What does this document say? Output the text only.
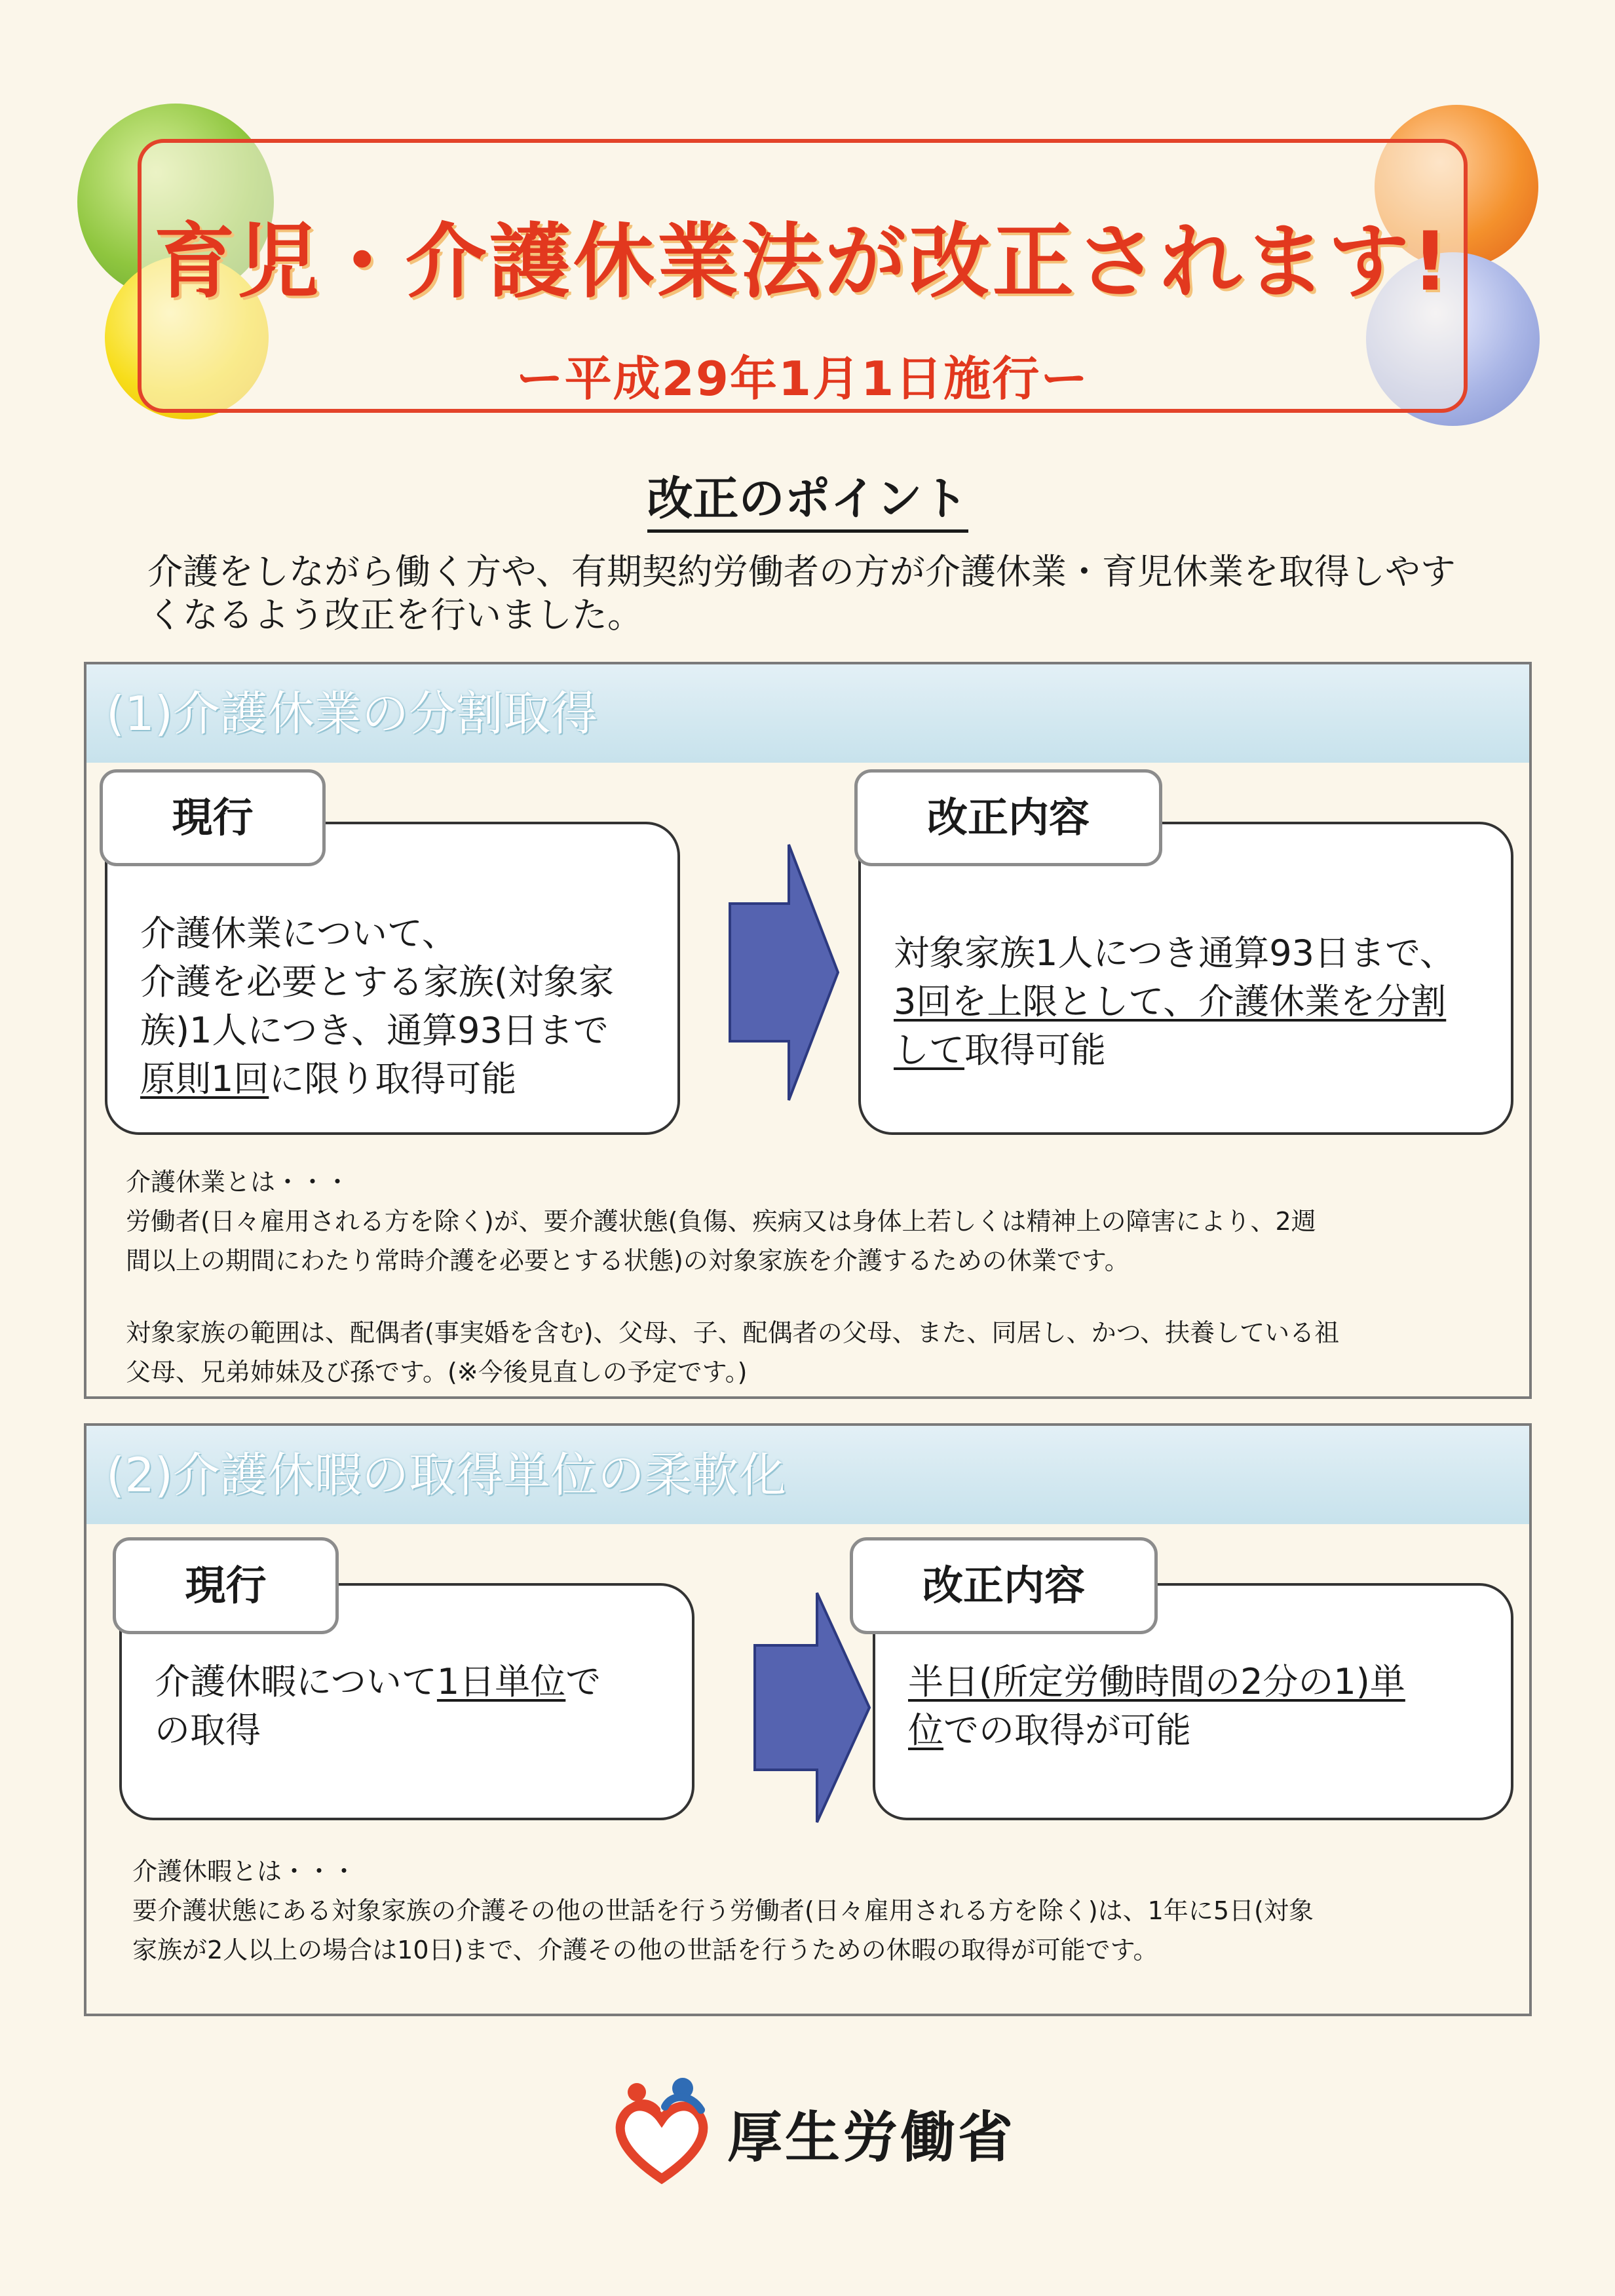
育児・介護休業法が改正されます!
ー平成29年1月1日施行ー
改正のポイント
介護をしながら働く方や、有期契約労働者の方が介護休業・育児休業を取得しやす
くなるよう改正を行いました。
(1)介護休業の分割取得
介護休業について、
介護を必要とする家族(対象家
族)1人につき、通算93日まで
原則1回に限り取得可能
現行
対象家族1人につき通算93日まで、
3回を上限として、介護休業を分割
して取得可能
改正内容
介護休業とは・・・
労働者(日々雇用される方を除く)が、要介護状態(負傷、疾病又は身体上若しくは精神上の障害により、2週
間以上の期間にわたり常時介護を必要とする状態)の対象家族を介護するための休業です。
対象家族の範囲は、配偶者(事実婚を含む)、父母、子、配偶者の父母、また、同居し、かつ、扶養している祖
父母、兄弟姉妹及び孫です。(※今後見直しの予定です。)
(2)介護休暇の取得単位の柔軟化
介護休暇について1日単位で
の取得
現行
半日(所定労働時間の2分の1)単
位での取得が可能
改正内容
介護休暇とは・・・
要介護状態にある対象家族の介護その他の世話を行う労働者(日々雇用される方を除く)は、1年に5日(対象
家族が2人以上の場合は10日)まで、介護その他の世話を行うための休暇の取得が可能です。
厚生労働省
